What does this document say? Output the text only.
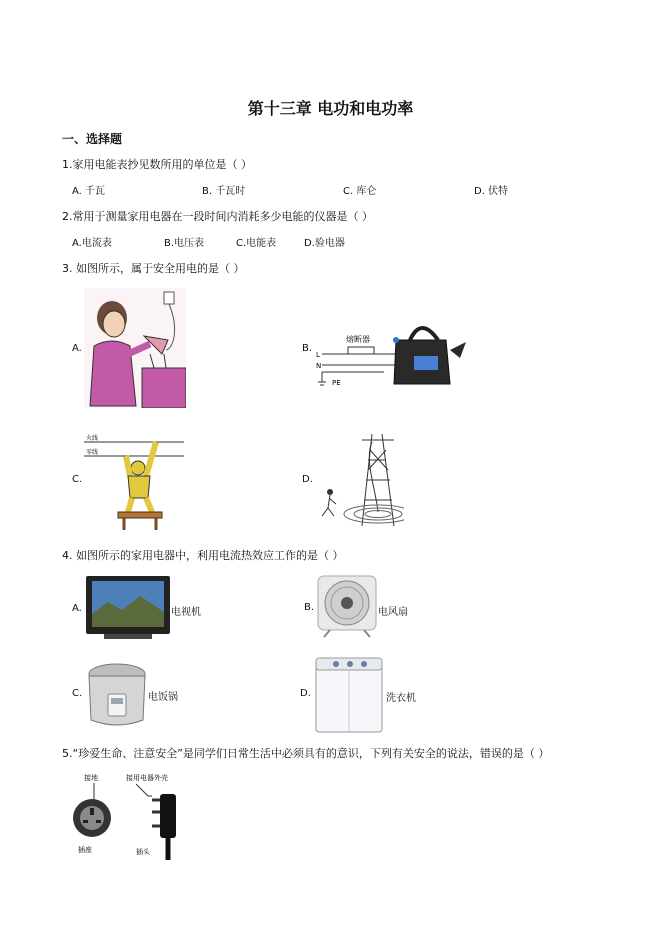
第十三章 电功和电功率
一、选择题
1.家用电能表抄见数所用的单位是（ ）
A. 千瓦	B. 千瓦时	C. 库仑	D. 伏特
2.常用于测量家用电器在一段时间内消耗多少电能的仪器是（ ）
A.电流表	B.电压表	C.电能表	D.验电器
3. 如图所示，属于安全用电的是（ ）
A.	B.
熔断器
L
N
PE
C.
火线
零线
D.
4. 如图所示的家用电器中，利用电流热效应工作的是（ ）
A.	电视机	B.	电风扇
C.	电饭锅	D.	洗衣机
5.“珍爱生命、注意安全”是同学们日常生活中必须具有的意识，下列有关安全的说法，错误的是（ ）
接地	接用电器外壳
插座	插头
